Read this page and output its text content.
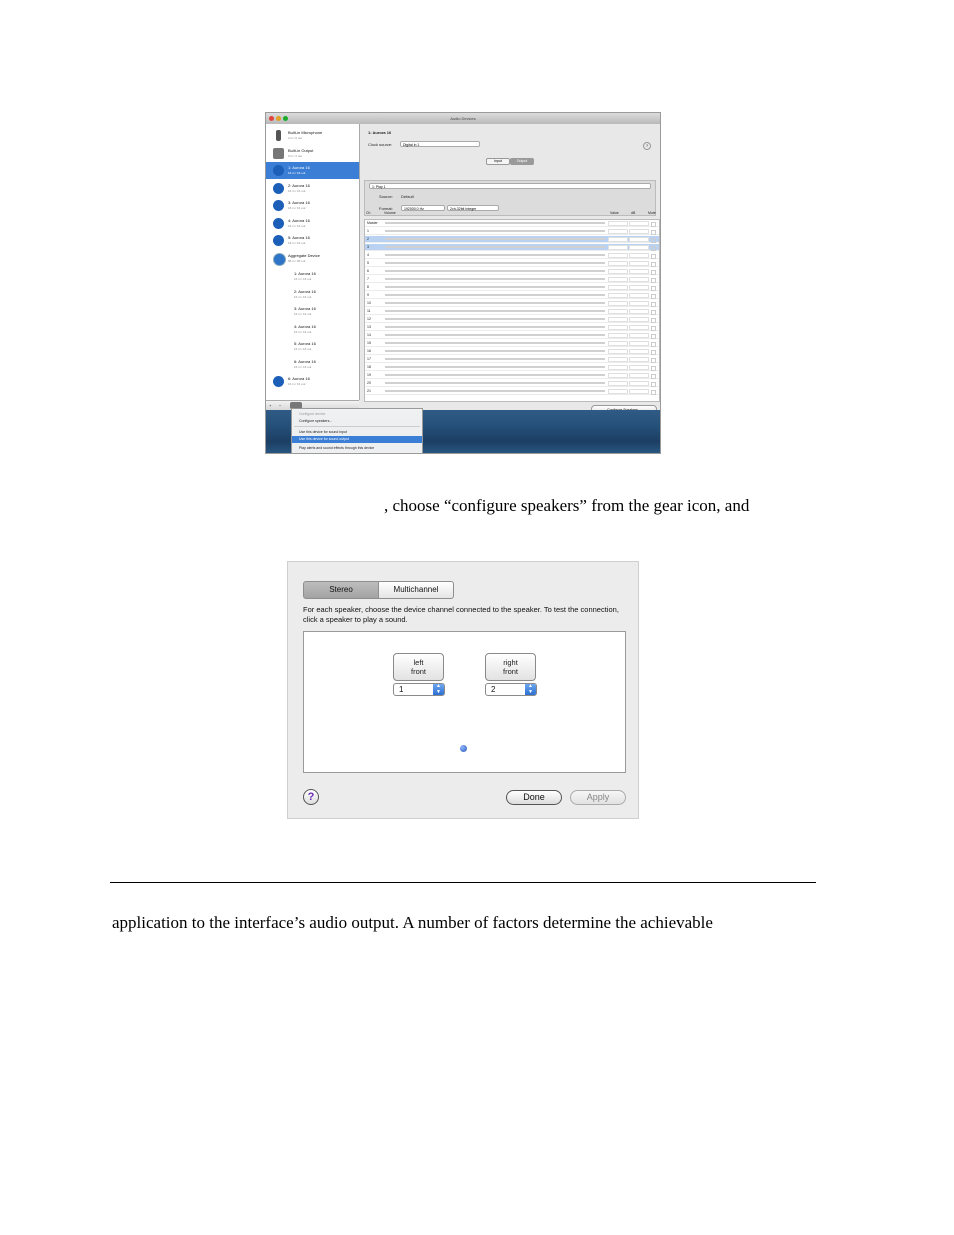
Audio Devices
Built-in Microphone
2 in / 0 out
Built-in Output
0 in / 2 out
1: Aurora 16
16 in / 16 out
2: Aurora 16
16 in / 16 out
3: Aurora 16
16 in / 16 out
4: Aurora 16
16 in / 16 out
5: Aurora 16
16 in / 16 out
Aggregate Device
96 in / 96 out
1: Aurora 16
16 in / 16 out
2: Aurora 16
16 in / 16 out
3: Aurora 16
16 in / 16 out
4: Aurora 16
16 in / 16 out
5: Aurora 16
16 in / 16 out
6: Aurora 16
16 in / 16 out
6: Aurora 16
16 in / 16 out
+ −
1: Aurora 16
Clock source:	Digital in 1	?
Input	Output
1: Play 1
Source: Default
Format:	192000.0 Hz	2ch-32bit Integer
Ch	Volume	Value	dB	Mute
Master
1
2
3
4
5
6
7
8
9
10
11
12
13
14
15
16
17
18
19
20
21
Configure device
Configure speakers...
Use this device for sound input
Use this device for sound output
Play alerts and sound effects through this device
, choose “configure speakers” from the gear icon, and
Stereo	Multichannel
For each speaker, choose the device channel connected to the speaker. To test the connection, click a speaker to play a sound.
left
front
1	▲
▼
right
front
2	▲
▼
?	Done	Apply
application to the interface’s audio output. A number of factors determine the achievable
